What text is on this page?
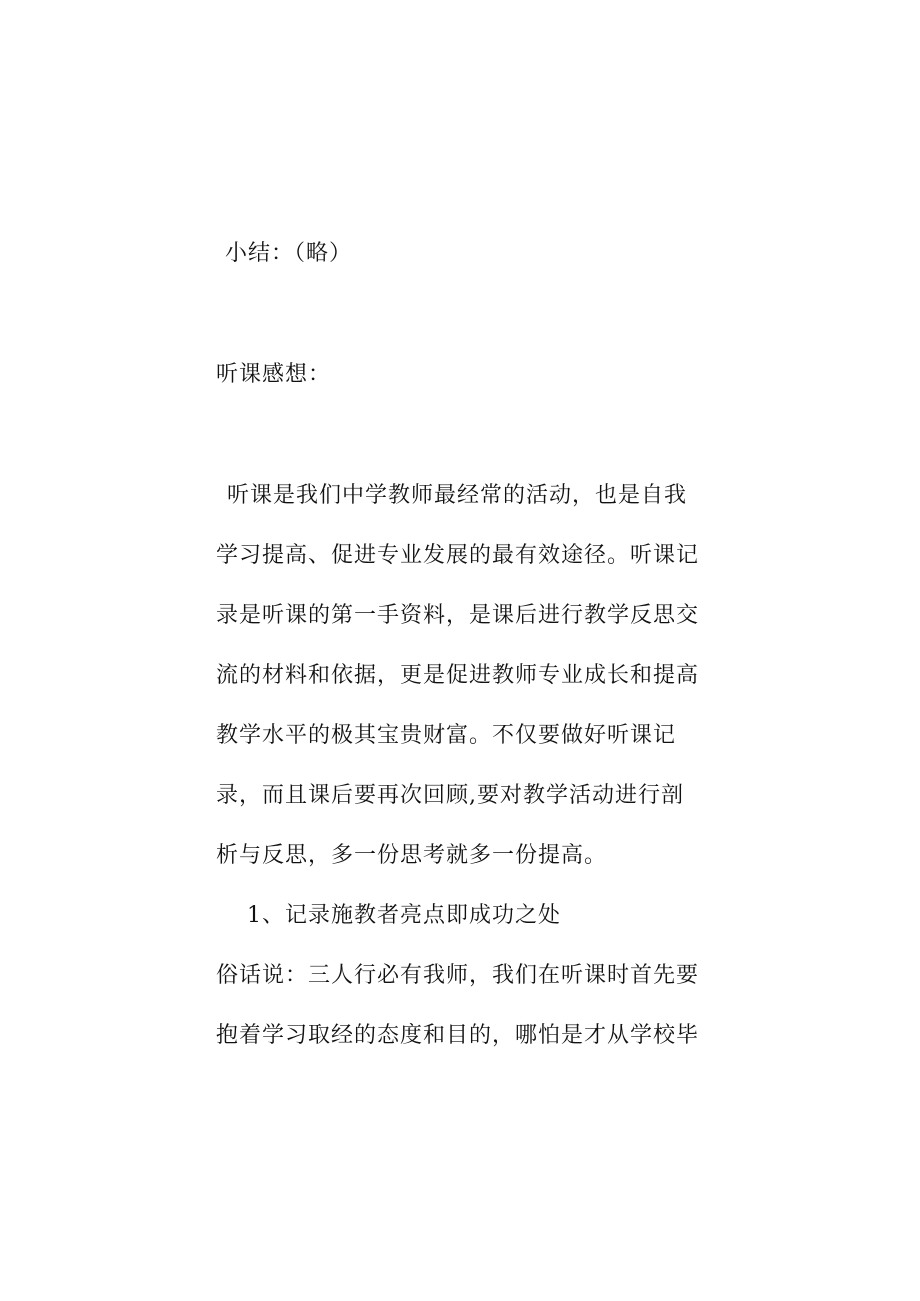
小结：（略）
听课感想：
听课是我们中学教师最经常的活动，也是自我
学习提高、促进专业发展的最有效途径。听课记
录是听课的第一手资料，是课后进行教学反思交
流的材料和依据，更是促进教师专业成长和提高
教学水平的极其宝贵财富。不仅要做好听课记
录，而且课后要再次回顾,要对教学活动进行剖
析与反思，多一份思考就多一份提高。
1、记录施教者亮点即成功之处
俗话说：三人行必有我师，我们在听课时首先要
抱着学习取经的态度和目的，哪怕是才从学校毕
